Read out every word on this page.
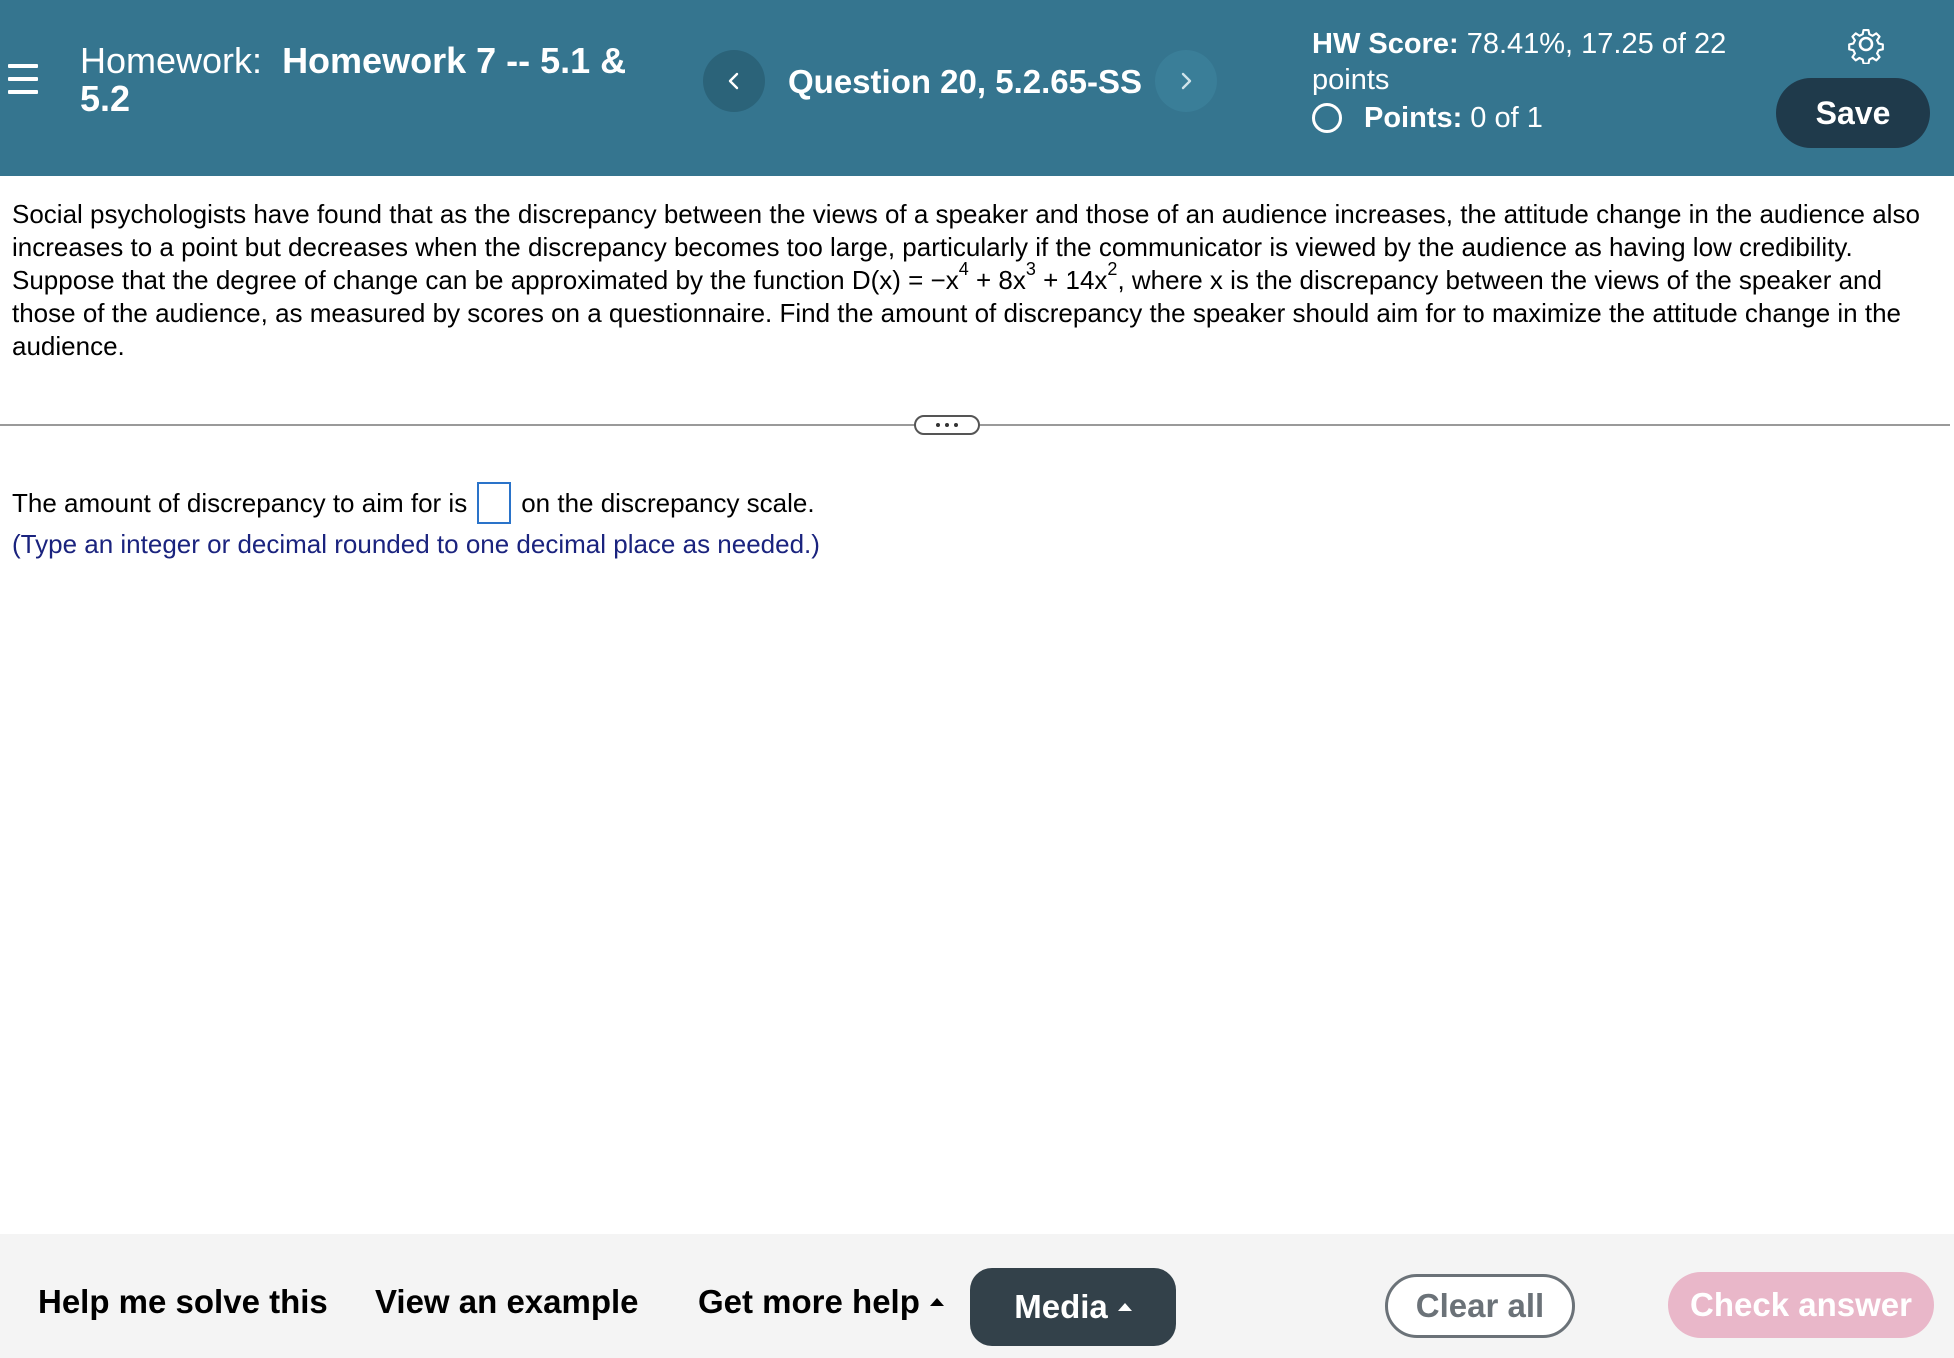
Homework: Homework 7 -- 5.1 &
5.2	Question 20, 5.2.65-SS
HW Score: 78.41%, 17.25 of 22
points
Points: 0 of 1	Save
Social psychologists have found that as the discrepancy between the views of a speaker and those of an audience increases, the attitude change in the audience also increases to a point but decreases when the discrepancy becomes too large, particularly if the communicator is viewed by the audience as having low credibility. Suppose that the degree of change can be approximated by the function $D(x) = -x^4 + 8x^3 + 14x^2$, where x is the discrepancy between the views of the speaker and those of the audience, as measured by scores on a questionnaire. Find the amount of discrepancy the speaker should aim for to maximize the attitude change in the audience.
The amount of discrepancy to aim for is on the discrepancy scale.
(Type an integer or decimal rounded to one decimal place as needed.)
Help me solve this View an example Get more help	Media	Clear all	Check answer
